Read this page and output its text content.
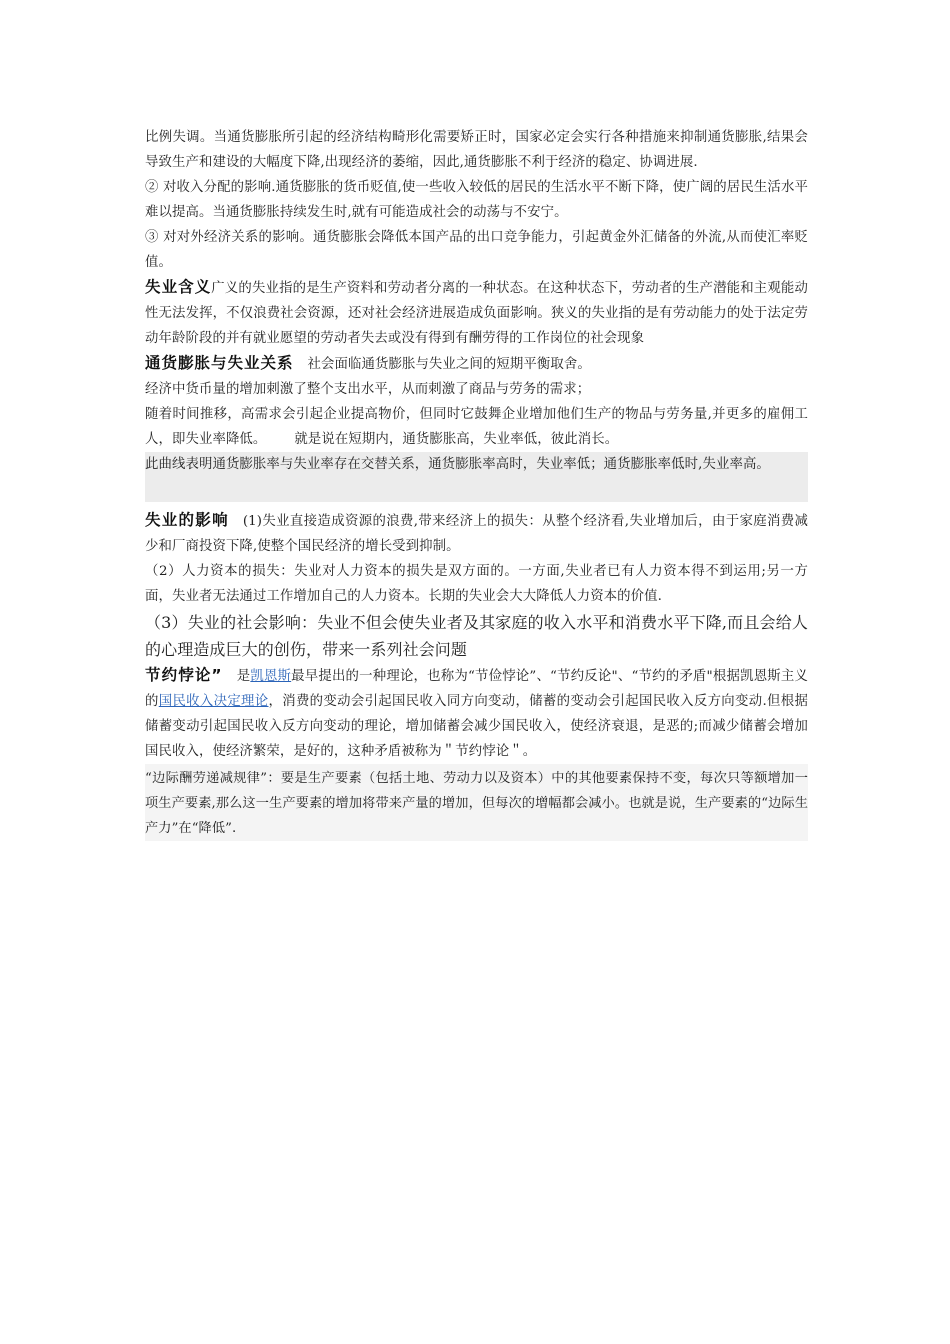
比例失调。当通货膨胀所引起的经济结构畸形化需要矫正时，国家必定会实行各种措施来抑制通货膨胀,结果会导致生产和建设的大幅度下降,出现经济的萎缩，因此,通货膨胀不利于经济的稳定、协调进展.

② 对收入分配的影响.通货膨胀的货币贬值,使一些收入较低的居民的生活水平不断下降，使广阔的居民生活水平难以提高。当通货膨胀持续发生时,就有可能造成社会的动荡与不安宁。

③ 对对外经济关系的影响。通货膨胀会降低本国产品的出口竞争能力，引起黄金外汇储备的外流,从而使汇率贬值。

失业含义广义的失业指的是生产资料和劳动者分离的一种状态。在这种状态下，劳动者的生产潜能和主观能动性无法发挥，不仅浪费社会资源，还对社会经济进展造成负面影响。狭义的失业指的是有劳动能力的处于法定劳动年龄阶段的并有就业愿望的劳动者失去或没有得到有酬劳得的工作岗位的社会现象

通货膨胀与失业关系 社会面临通货膨胀与失业之间的短期平衡取舍。

经济中货币量的增加刺激了整个支出水平，从而刺激了商品与劳务的需求；

随着时间推移，高需求会引起企业提高物价，但同时它鼓舞企业增加他们生产的物品与劳务量,并更多的雇佣工人，即失业率降低。 就是说在短期内，通货膨胀高，失业率低，彼此消长。

此曲线表明通货膨胀率与失业率存在交替关系，通货膨胀率高时，失业率低；通货膨胀率低时,失业率高。

失业的影响 (1)失业直接造成资源的浪费,带来经济上的损失：从整个经济看,失业增加后，由于家庭消费减少和厂商投资下降,使整个国民经济的增长受到抑制。

（2）人力资本的损失：失业对人力资本的损失是双方面的。一方面,失业者已有人力资本得不到运用;另一方面，失业者无法通过工作增加自己的人力资本。长期的失业会大大降低人力资本的价值.

（3）失业的社会影响：失业不但会使失业者及其家庭的收入水平和消费水平下降,而且会给人的心理造成巨大的创伤，带来一系列社会问题

节约悖论” 是凯恩斯最早提出的一种理论，也称为“节俭悖论”、“节约反论"、“节约的矛盾"根据凯恩斯主义的国民收入决定理论，消费的变动会引起国民收入同方向变动，储蓄的变动会引起国民收入反方向变动.但根据储蓄变动引起国民收入反方向变动的理论，增加储蓄会减少国民收入，使经济衰退，是恶的;而减少储蓄会增加国民收入，使经济繁荣，是好的，这种矛盾被称为＂节约悖论＂。

“边际酬劳递减规律”：要是生产要素（包括土地、劳动力以及资本）中的其他要素保持不变，每次只等额增加一项生产要素,那么这一生产要素的增加将带来产量的增加，但每次的增幅都会减小。也就是说，生产要素的“边际生产力”在“降低”.
